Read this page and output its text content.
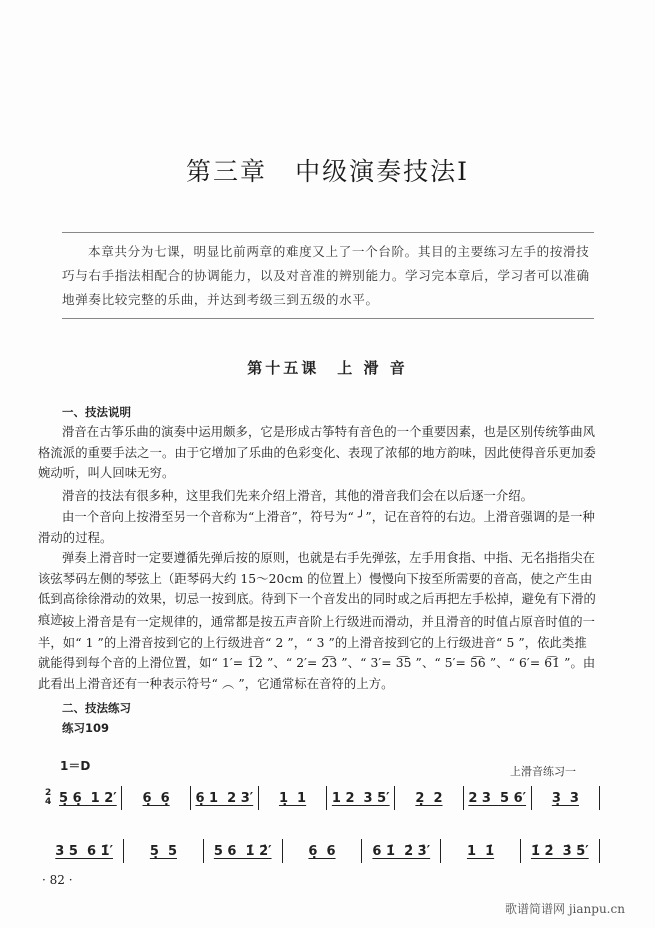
第三章 中级演奏技法Ⅰ
本章共分为七课，明显比前两章的难度又上了一个台阶。其目的主要练习左手的按滑技巧与右手指法相配合的协调能力，以及对音准的辨别能力。学习完本章后，学习者可以准确地弹奏比较完整的乐曲，并达到考级三到五级的水平。
第十五课　上 滑 音
一、技法说明
滑音在古筝乐曲的演奏中运用颇多，它是形成古筝特有音色的一个重要因素，也是区别传统筝曲风格流派的重要手法之一。由于它增加了乐曲的色彩变化、表现了浓郁的地方韵味，因此使得音乐更加委婉动听，叫人回味无穷。
滑音的技法有很多种，这里我们先来介绍上滑音，其他的滑音我们会在以后逐一介绍。
由一个音向上按滑至另一个音称为“上滑音”，符号为“ ╯”，记在音符的右边。上滑音强调的是一种滑动的过程。
弹奏上滑音时一定要遵循先弹后按的原则，也就是右手先弹弦，左手用食指、中指、无名指指尖在该弦琴码左侧的琴弦上（距琴码大约 15～20cm 的位置上）慢慢向下按至所需要的音高，使之产生由低到高徐徐滑动的效果，切忌一按到底。待到下一个音发出的同时或之后再把左手松掉，避免有下滑的痕迹。
按上滑音是有一定规律的，通常都是按五声音阶上行级进而滑动，并且滑音的时值占原音时值的一半，如“ 1 ”的上滑音按到它的上行级进音“ 2 ”，“ 3 ”的上滑音按到它的上行级进音“ 5 ”，依此类推就能得到每个音的上滑位置，如“ 1′= 1͡2 ”、“ 2′= 2͡3̇ ”、“ 3′= 3͡5 ”、“ 5′= 5͡6̇ ”、“ 6′= 6͡1̇ ”。由此看出上滑音还有一种表示符号“ ︵ ”，它通常标在音符的上方。
二、技法练习
练习109
1＝D	上滑音练习一
2
4 5̣ 6̣  1 2′	6̣  6̣	6̣ 1  2 3′	1̣  1	1 2  3 5′	2̣  2	2 3  5 6′	3̣  3
3 5  6 1̇′	5̣  5	5 6  1̇ 2̇′	6̣  6	6 1̇  2̇ 3̇′	1  1̇	1̇ 2̇  3̇ 5̇′
· 82 ·
歌谱简谱网 jianpu.cn
